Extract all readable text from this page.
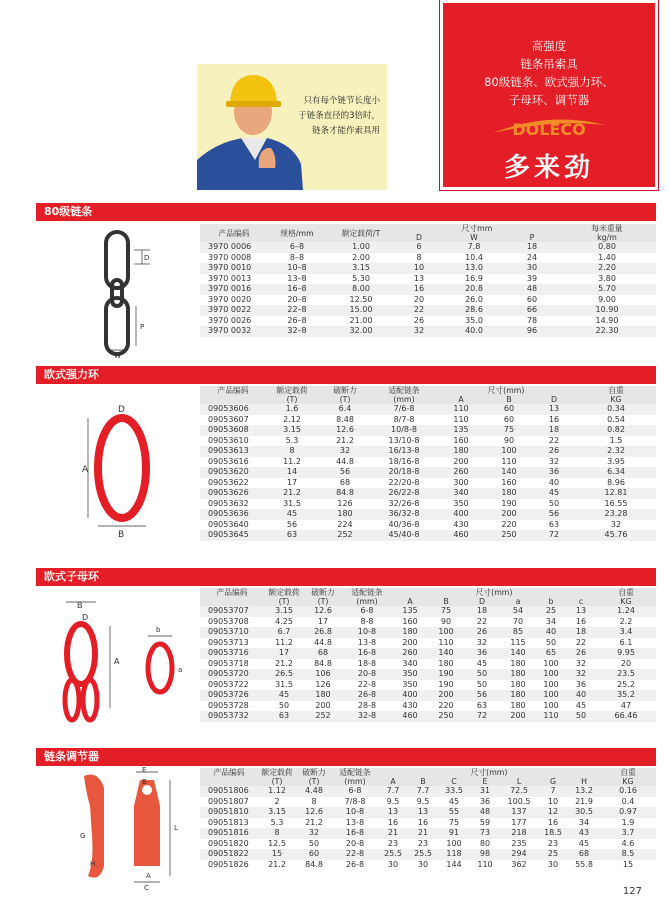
只有每个链节长度小
于链条直径的3倍时，
链条才能作索具用
高强度
链条吊索具
80级链条、欧式强力环、
子母环、调节器
DOLECO
多来劲
80级链条
D
P
W
产品编码	规格/mm	额定载荷/T	尺寸mm			每米重量
			D	W	P	kg/m
3970 0006	6–8	1.00	6	7.8	18	0.80
3970 0008	8–8	2.00	8	10.4	24	1.40
3970 0010	10–8	3.15	10	13.0	30	2.20
3970 0013	13–8	5.30	13	16.9	39	3.80
3970 0016	16–8	8.00	16	20.8	48	5.70
3970 0020	20–8	12.50	20	26.0	60	9.00
3970 0022	22–8	15.00	22	28.6	66	10.90
3970 0026	26–8	21.00	26	35.0	78	14.90
3970 0032	32–8	32.00	32	40.0	96	22.30
欧式强力环
D
A
B
产品编码	额定载荷	破断力	适配链条	尺寸(mm)			自重
	(T)	(T)	(mm)	A	B	D	KG
09053606	1.6	6.4	7/6-8	110	60	13	0.34
09053607	2.12	8.48	8/7-8	110	60	16	0.54
09053608	3.15	12.6	10/8-8	135	75	18	0.82
09053610	5.3	21.2	13/10-8	160	90	22	1.5
09053613	8	32	16/13-8	180	100	26	2.32
09053616	11.2	44.8	18/16-8	200	110	32	3.95
09053620	14	56	20/18-8	260	140	36	6.34
09053622	17	68	22/20-8	300	160	40	8.96
09053626	21.2	84.8	26/22-8	340	180	45	12.81
09053632	31.5	126	32/26-8	350	190	50	16.55
09053636	45	180	36/32-8	400	200	56	23.28
09053640	56	224	40/36-8	430	220	63	32
09053645	63	252	45/40-8	460	250	72	45.76
欧式子母环
B
D
A
b
a
产品编码	额定载荷	破断力	适配链条	尺寸(mm)						自重
	(T)	(T)	(mm)	A	B	D	a	b	c	KG
09053707	3.15	12.6	6-8	135	75	18	54	25	13	1.24
09053708	4.25	17	8-8	160	90	22	70	34	16	2.2
09053710	6.7	26.8	10-8	180	100	26	85	40	18	3.4
09053713	11.2	44.8	13-8	200	110	32	115	50	22	6.1
09053716	17	68	16-8	260	140	36	140	65	26	9.95
09053718	21.2	84.8	18-8	340	180	45	180	100	32	20
09053720	26.5	106	20-8	350	190	50	180	100	32	23.5
09053722	31.5	126	22-8	350	190	50	180	100	36	25.2
09053726	45	180	26-8	400	200	56	180	100	40	35.2
09053728	50	200	28-8	430	220	63	180	100	45	47
09053732	63	252	32-8	460	250	72	200	110	50	66.46
链条调节器
E
B
G
H
L
A
C
产品编码	额定载荷	破断力	适配链条	尺寸(mm)							自重
	(T)	(T)	(mm)	A	B	C	E	L	G	H	KG
09051806	1.12	4.48	6-8	7.7	7.7	33.5	31	72.5	7	13.2	0.16
09051807	2	8	7/8-8	9.5	9.5	45	36	100.5	10	21.9	0.4
09051810	3.15	12.6	10-8	13	13	55	48	137	12	30.5	0.97
09051813	5.3	21.2	13-8	16	16	75	59	177	16	34	1.9
09051816	8	32	16-8	21	21	91	73	218	18.5	43	3.7
09051820	12.5	50	20-8	23	23	100	80	235	23	45	4.6
09051822	15	60	22-8	25.5	25.5	118	98	294	25	68	8.5
09051826	21.2	84.8	26-8	30	30	144	110	362	30	55.8	15
127
